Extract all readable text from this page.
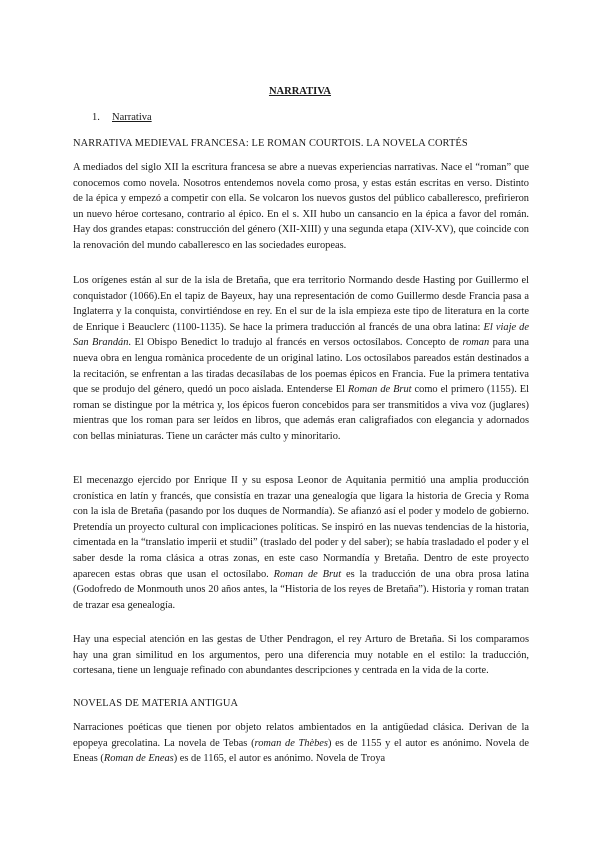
NARRATIVA
1. Narrativa
NARRATIVA MEDIEVAL FRANCESA: LE ROMAN COURTOIS. LA NOVELA CORTÉS

A mediados del siglo XII la escritura francesa se abre a nuevas experiencias narrativas. Nace el “roman” que conocemos como novela. Nosotros entendemos novela como prosa, y estas están escritas en verso. Distinto de la épica y empezó a competir con ella. Se volcaron los nuevos gustos del público caballeresco, prefirieron un nuevo héroe cortesano, contrario al épico. En el s. XII hubo un cansancio en la épica a favor del román. Hay dos grandes etapas: construcción del género (XII-XIII) y una segunda etapa (XIV-XV), que coincide con la renovación del mundo caballeresco en las sociedades europeas.

Los orígenes están al sur de la isla de Bretaña, que era territorio Normando desde Hasting por Guillermo el conquistador (1066).En el tapiz de Bayeux, hay una representación de como Guillermo desde Francia pasa a Inglaterra y la conquista, convirtiéndose en rey. En el sur de la isla empieza este tipo de literatura en la corte de Enrique i Beauclerc (1100-1135). Se hace la primera traducción al francés de una obra latina: El viaje de San Brandán. El Obispo Benedict lo tradujo al francés en versos octosílabos. Concepto de roman para una nueva obra en lengua romànica procedente de un original latino. Los octosílabos pareados están destinados a la recitación, se enfrentan a las tiradas decasílabas de los poemas épicos en Francia. Fue la primera tentativa que se produjo del género, quedó un poco aislada. Entenderse El Roman de Brut como el primero (1155). El roman se distingue por la métrica y, los épicos fueron concebidos para ser transmitidos a viva voz (juglares) mientras que los roman para ser leídos en libros, que además eran caligrafiados con elegancia y adornados con bellas miniaturas. Tiene un carácter más culto y minoritario.

El mecenazgo ejercido por Enrique II y su esposa Leonor de Aquitania permitió una amplia producción cronística en latín y francés, que consistía en trazar una genealogía que ligara la historia de Grecia y Roma con la isla de Bretaña (pasando por los duques de Normandía). Se afianzó así el poder y modelo de gobierno. Pretendía un proyecto cultural con implicaciones políticas. Se inspiró en las nuevas tendencias de la historia, cimentada en la “translatio imperii et studii” (traslado del poder y del saber); se había trasladado el poder y el saber desde la roma clásica a otras zonas, en este caso Normandía y Bretaña. Dentro de este proyecto aparecen estas obras que usan el octosílabo. Roman de Brut es la traducción de una obra prosa latina (Godofredo de Monmouth unos 20 años antes, la “Historia de los reyes de Bretaña”). Historia y roman tratan de trazar esa genealogía.

Hay una especial atención en las gestas de Uther Pendragon, el rey Arturo de Bretaña. Si los comparamos hay una gran similitud en los argumentos, pero una diferencia muy notable en el estilo: la traducción, cortesana, tiene un lenguaje refinado con abundantes descripciones y centrada en la vida de la corte.

NOVELAS DE MATERIA ANTIGUA

Narraciones poéticas que tienen por objeto relatos ambientados en la antigüedad clásica. Derivan de la epopeya grecolatina. La novela de Tebas (roman de Thèbes) es de 1155 y el autor es anónimo. Novela de Eneas (Roman de Eneas) es de 1165, el autor es anónimo. Novela de Troya
